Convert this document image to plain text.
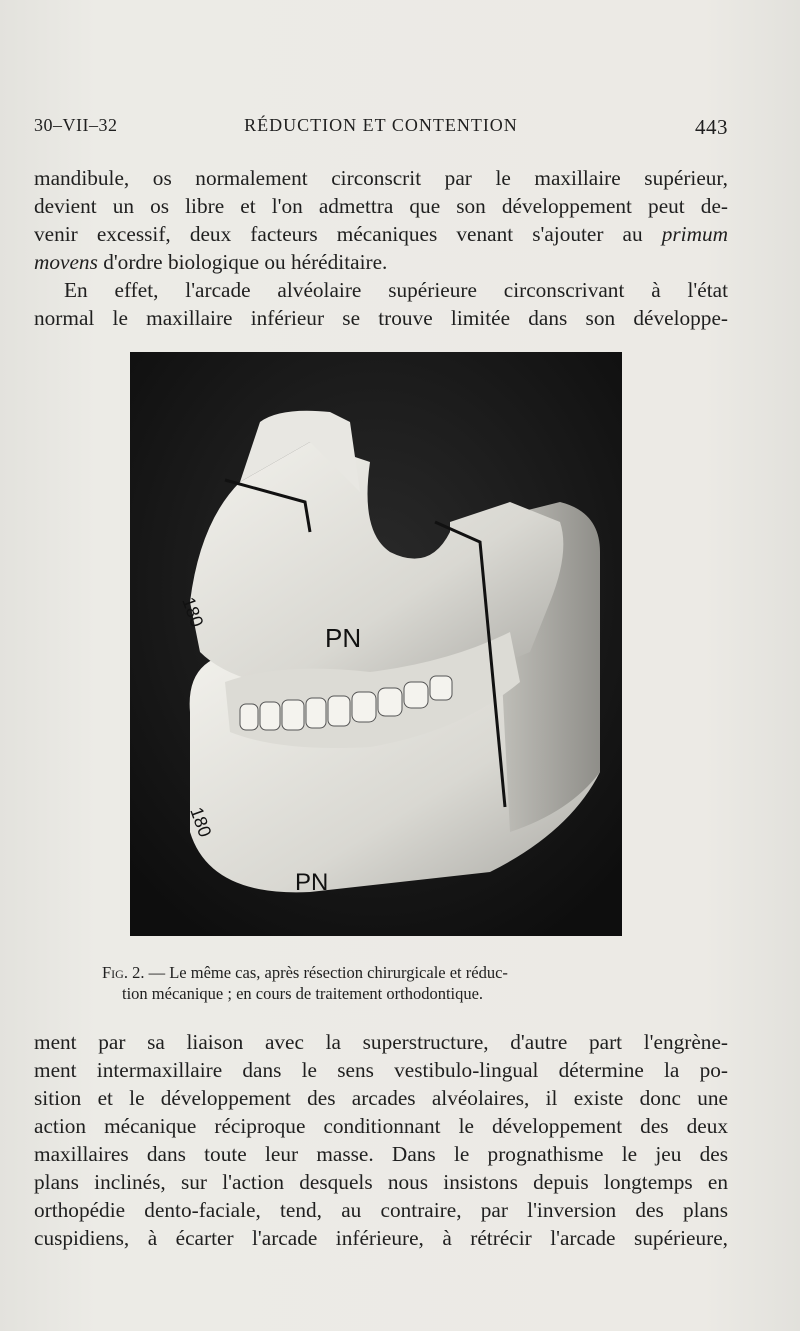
30–VII–32	RÉDUCTION ET CONTENTION	443
mandibule, os normalement circonscrit par le maxillaire supérieur,
devient un os libre et l'on admettra que son développement peut de-
venir excessif, deux facteurs mécaniques venant s'ajouter au primum
movens d'ordre biologique ou héréditaire.
En effet, l'arcade alvéolaire supérieure circonscrivant à l'état
normal le maxillaire inférieur se trouve limitée dans son développe-
PN
PN
180
180
Fig. 2. — Le même cas, après résection chirurgicale et réduc-
tion mécanique ; en cours de traitement orthodontique.
ment par sa liaison avec la superstructure, d'autre part l'engrène-
ment intermaxillaire dans le sens vestibulo-lingual détermine la po-
sition et le développement des arcades alvéolaires, il existe donc une
action mécanique réciproque conditionnant le développement des deux
maxillaires dans toute leur masse. Dans le prognathisme le jeu des
plans inclinés, sur l'action desquels nous insistons depuis longtemps en
orthopédie dento-faciale, tend, au contraire, par l'inversion des plans
cuspidiens, à écarter l'arcade inférieure, à rétrécir l'arcade supérieure,
